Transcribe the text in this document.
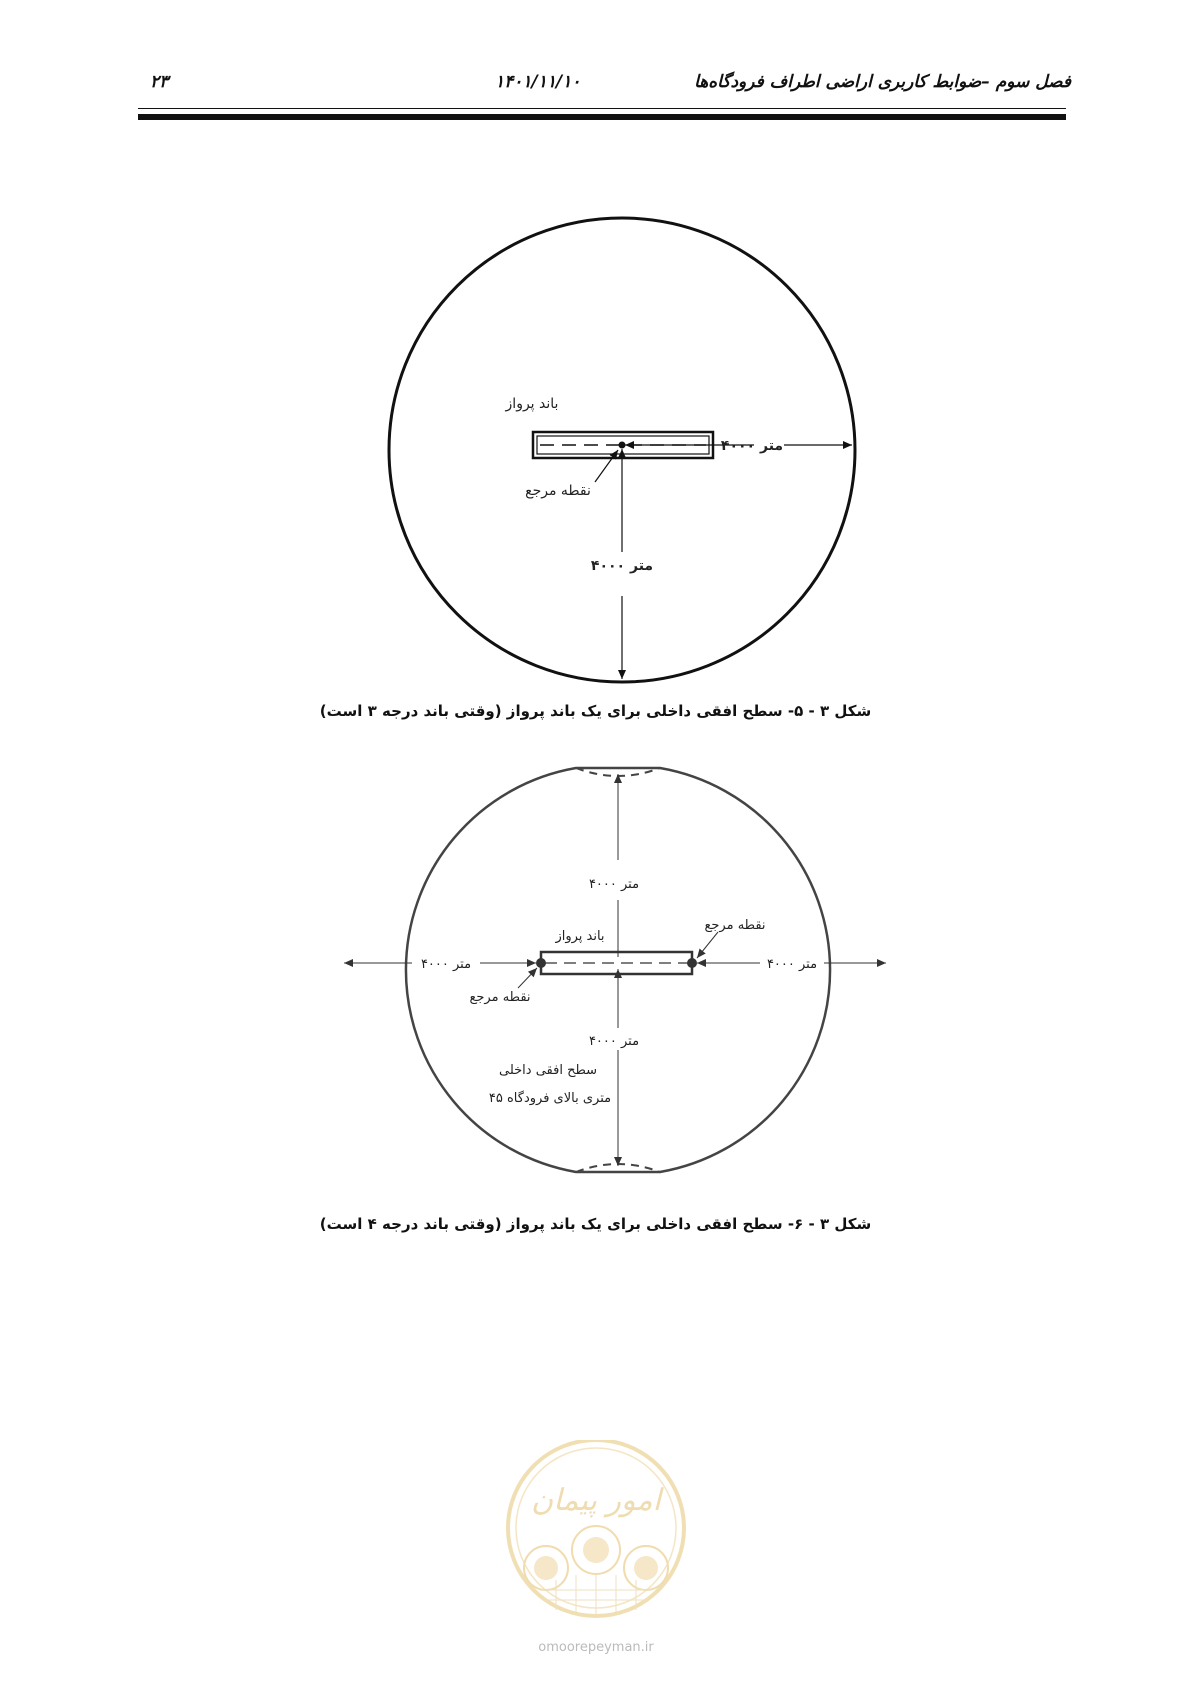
فصل سوم –ضوابط کاربری اراضی اطراف فرودگاه‌ها
۱۴۰۱/۱۱/۱۰
۲۳
باند پرواز
نقطه مرجع
۴۰۰۰ متر
۴۰۰۰ متر
شکل ۳ - ۵- سطح افقی داخلی برای یک باند پرواز (وقتی باند درجه ۳ است)
۴۰۰۰ متر
نقطه مرجع
باند پرواز
۴۰۰۰ متر	۴۰۰۰ متر
نقطه مرجع
۴۰۰۰ متر
سطح افقی داخلی
۴۵ متری بالای فرودگاه
شکل ۳ - ۶- سطح افقی داخلی برای یک باند پرواز (وقتی باند درجه ۴ است)
امور پیمان
omoorepeyman.ir
